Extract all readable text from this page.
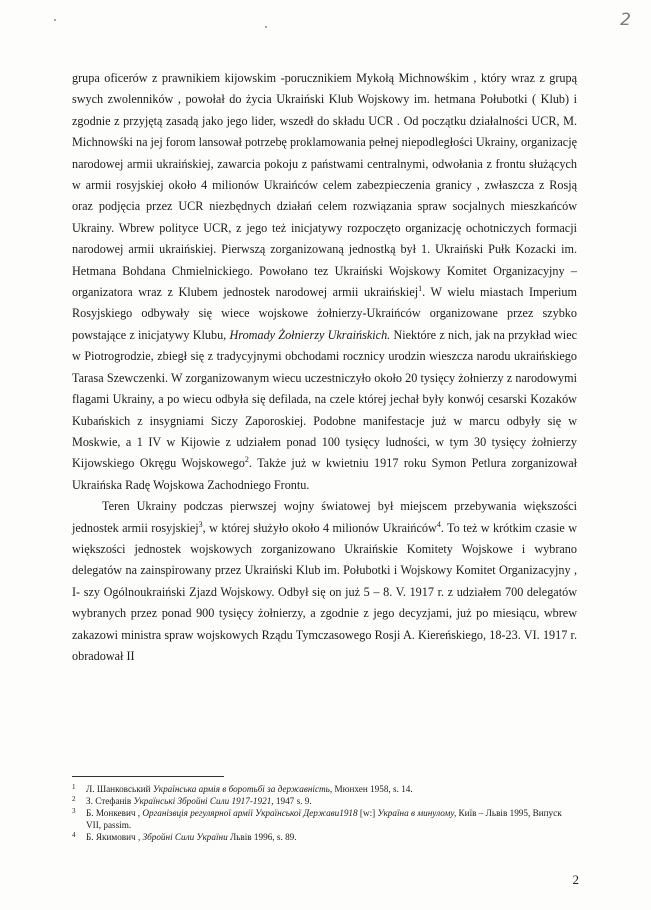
2

grupa oficerów z prawnikiem kijowskim -porucznikiem Mykołą Michnowśkim , który wraz z grupą swych zwolenników , powołał do życia Ukraiński Klub Wojskowy im. hetmana Połubotki ( Klub) i zgodnie z przyjętą zasadą jako jego lider, wszedł do składu UCR . Od początku działalności UCR, M. Michnowśki na jej forom lansował potrzebę proklamowania pełnej niepodległości Ukrainy, organizację narodowej armii ukraińskiej, zawarcia pokoju z państwami centralnymi, odwołania z frontu służących w armii rosyjskiej około 4 milionów Ukraińców celem zabezpieczenia granicy , zwłaszcza z Rosją oraz podjęcia przez UCR niezbędnych działań celem rozwiązania spraw socjalnych mieszkańców Ukrainy. Wbrew polityce UCR, z jego też inicjatywy rozpoczęto organizację ochotniczych formacji narodowej armii ukraińskiej. Pierwszą zorganizowaną jednostką był 1. Ukraiński Pułk Kozacki im. Hetmana Bohdana Chmielnickiego. Powołano tez Ukraiński Wojskowy Komitet Organizacyjny – organizatora wraz z Klubem jednostek narodowej armii ukraińskiej$^1$. W wielu miastach Imperium Rosyjskiego odbywały się wiece wojskowe żołnierzy-Ukraińców organizowane przez szybko powstające z inicjatywy Klubu, Hromady Żołnierzy Ukraińskich. Niektóre z nich, jak na przykład wiec w Piotrogrodzie, zbiegł się z tradycyjnymi obchodami rocznicy urodzin wieszcza narodu ukraińskiego Tarasa Szewczenki. W zorganizowanym wiecu uczestniczyło około 20 tysięcy żołnierzy z narodowymi flagami Ukrainy, a po wiecu odbyła się defilada, na czele której jechał były konwój cesarski Kozaków Kubańskich z insygniami Siczy Zaporoskiej. Podobne manifestacje już w marcu odbyły się w Moskwie, a 1 IV w Kijowie z udziałem ponad 100 tysięcy ludności, w tym 30 tysięcy żołnierzy Kijowskiego Okręgu Wojskowego$^2$. Także już w kwietniu 1917 roku Symon Petlura zorganizował Ukraińska Radę Wojskowa Zachodniego Frontu.

Teren Ukrainy podczas pierwszej wojny światowej był miejscem przebywania większości jednostek armii rosyjskiej$^3$, w której służyło około 4 milionów Ukraińców$^4$. To też w krótkim czasie w większości jednostek wojskowych zorganizowano Ukraińskie Komitety Wojskowe i wybrano delegatów na zainspirowany przez Ukraiński Klub im. Połubotki i Wojskowy Komitet Organizacyjny , I- szy Ogólnoukraiński Zjazd Wojskowy. Odbył się on już 5 – 8. V. 1917 r. z udziałem 700 delegatów wybranych przez ponad 900 tysięcy żołnierzy, a zgodnie z jego decyzjami, już po miesiącu, wbrew zakazowi ministra spraw wojskowych Rządu Tymczasowego Rosji A. Kiereńskiego, 18-23. VI. 1917 r. obradował II

1	Л. Шанковський Українська армія в боротьбі за державність, Мюнхен 1958, s. 14.
2	З. Стефанів Українські Збройні Сили 1917-1921, 1947 s. 9.
3	Б. Монкевич , Організвція регулярної армії Української Державu1918 [w:] Україна в минулому, Київ – Львів 1995, Випуск VII, passim.
4	Б. Якимович , Збройні Сили України Львів 1996, s. 89.
2
